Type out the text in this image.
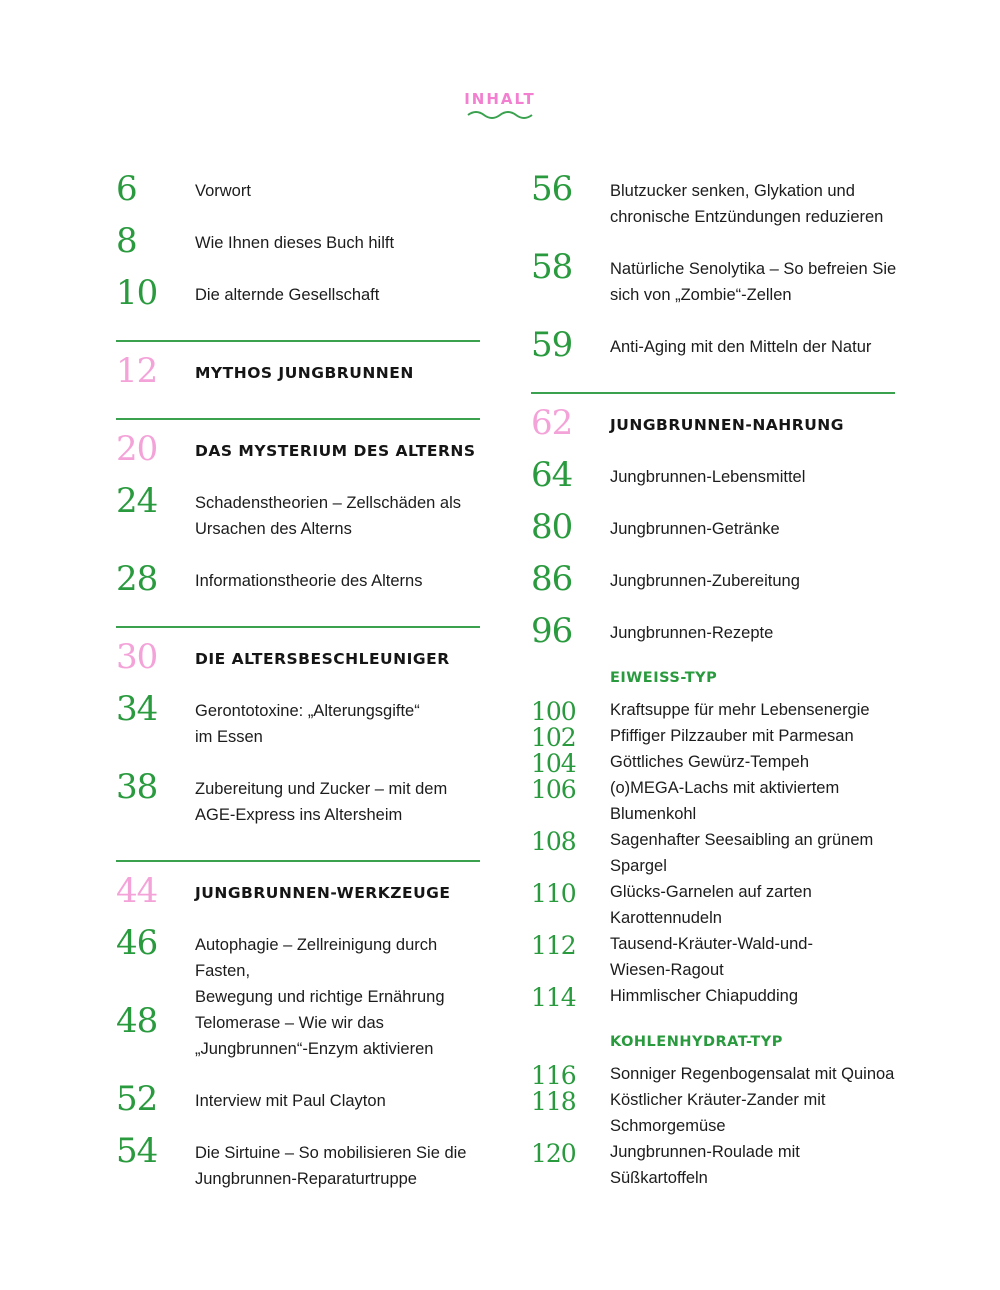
INHALT
6	Vorwort
8	Wie Ihnen dieses Buch hilft
10 Die alternde Gesellschaft
12 MYTHOS JUNGBRUNNEN
20 DAS MYSTERIUM DES ALTERNS
24 Schadenstheorien – Zellschäden als
Ursachen des Alterns
28 Informationstheorie des Alterns
30 DIE ALTERSBESCHLEUNIGER
34 Gerontotoxine: „Alterungsgifte“
im Essen
38 Zubereitung und Zucker – mit dem
AGE-Express ins Altersheim
44 JUNGBRUNNEN-WERKZEUGE
46 Autophagie – Zellreinigung durch Fasten,
Bewegung und richtige Ernährung
48 Telomerase – Wie wir das
„Jungbrunnen“-Enzym aktivieren
52 Interview mit Paul Clayton
54 Die Sirtuine – So mobilisieren Sie die
Jungbrunnen-Reparaturtruppe
56 Blutzucker senken, Glykation und
chronische Entzündungen reduzieren
58 Natürliche Senolytika – So befreien Sie
sich von „Zombie“-Zellen
59 Anti-Aging mit den Mitteln der Natur
62 JUNGBRUNNEN-NAHRUNG
64 Jungbrunnen-Lebensmittel
80 Jungbrunnen-Getränke
86 Jungbrunnen-Zubereitung
96 Jungbrunnen-Rezepte
EIWEISS-TYP
100 Kraftsuppe für mehr Lebensenergie
102 Pfiffiger Pilzzauber mit Parmesan
104 Göttliches Gewürz-Tempeh
106 (o)MEGA-Lachs mit aktiviertem
Blumenkohl
108 Sagenhafter Seesaibling an grünem
Spargel
110 Glücks-Garnelen auf zarten
Karottennudeln
112 Tausend-Kräuter-Wald-und-
Wiesen-Ragout
114 Himmlischer Chiapudding
KOHLENHYDRAT-TYP
116 Sonniger Regenbogensalat mit Quinoa
118 Köstlicher Kräuter-Zander mit
Schmorgemüse
120 Jungbrunnen-Roulade mit
Süßkartoffeln
